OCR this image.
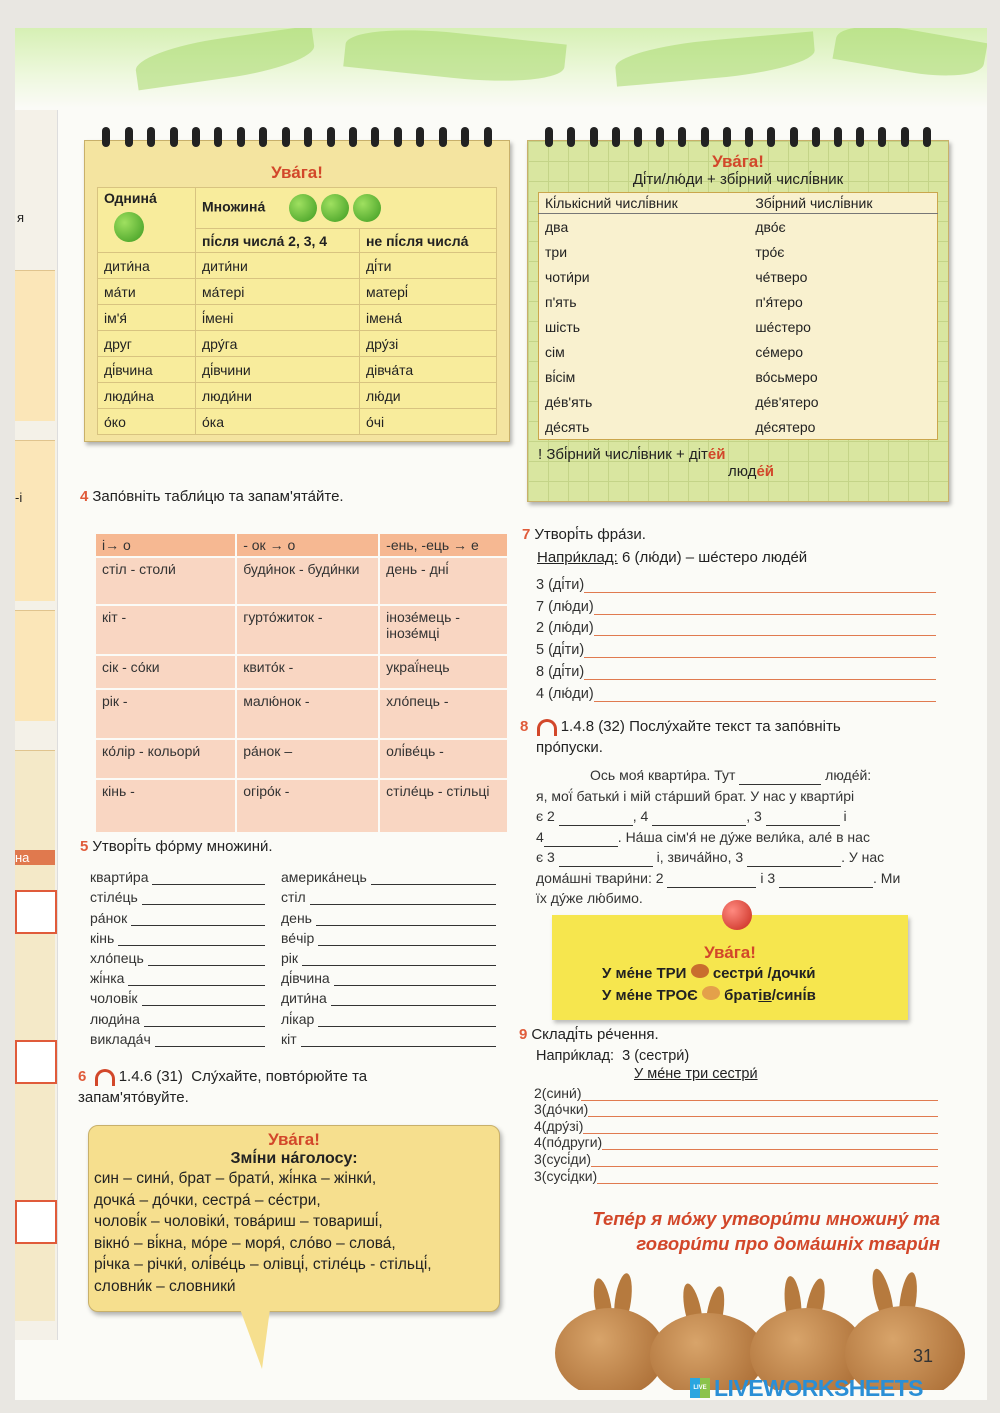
я
-і
на
Ува́га!
Однина́	Множина́	
	пі́сля числа́ 2, 3, 4	не пі́сля числа́
дити́на	дити́ни	ді́ти
ма́ти	ма́тері	матері́
ім'я́	і́мені	імена́
друг	дру́га	дру́зі
ді́вчина	ді́вчини	дівча́та
люди́на	люди́ни	лю́ди
о́ко	о́ка	о́чі
Ува́га!
Ді́ти/лю́ди + збі́рний числі́вник
Кі́лькісний числі́вник	Збі́рний числі́вник
два	дво́є
три	тро́є
чоти́ри	че́тверо
п'ять	п'я́теро
шість	ше́стеро
сім	се́меро
ві́сім	во́сьмеро
де́в'ять	де́в'ятеро
де́сять	де́сятеро
! Збі́рний числі́вник + діте́й
люде́й
4 Запо́вніть табли́цю та запам'ята́йте.
і→ о	- ок → о	-ень, -ець → е
стіл - столи́	буди́нок - буди́нки	день - дні́
кіт -	гурто́житок -	інозе́мець - інозе́мці
сік - со́ки	квито́к -	украї́нець
рік -	малю́нок -	хло́пець -
ко́лір - кольори́	ра́нок –	олі́ве́ць -
кінь -	огіро́к -	стіле́ць - стільці
5 Утворі́ть фо́рму множини́.
кварти́ра
стіле́ць
ра́нок
кінь
хло́пець
жі́нка
чолові́к
люди́на
виклада́ч
америка́нець
стіл
день
ве́чір
рік
ді́вчина
дити́на
лі́кар
кіт
6 1.4.6 (31) Слу́хайте, повто́рюйте та
запам'ято́вуйте.
Ува́га!
Змі́ни на́голосу:
син – сини́, брат – брати́, жі́нка – жінки́,
дочка́ – до́чки, сестра́ – се́стри,
чолові́к – чоловіки́, това́риш – товариші́,
вікно́ – ві́кна, мо́ре – моря́, сло́во – слова́,
рі́чка – річки́, олі́ве́ць – олівці́, стіле́ць - стільці́,
словни́к – словники́
7 Утворі́ть фра́зи.
Напри́клад: 6 (лю́ди) – ше́стеро люде́й
3 (ді́ти)
7 (лю́ди)
2 (лю́ди)
5 (ді́ти)
8 (ді́ти)
4 (лю́ди)
8 1.4.8 (32) Послу́хайте текст та запо́вніть
про́пуски.
Ось моя́ кварти́ра. Тут	люде́й:
я, мої́ батьки́ і мій ста́рший брат. У нас у кварти́рі
є 2	, 4	, 3	і
4	. На́ша сім'я́ не ду́же вели́ка, але́ в нас
є 3	і, звича́йно, 3	. У нас
дома́шні твари́ни: 2	і 3	. Ми
їх ду́же лю́бимо.
Ува́га!
У ме́не ТРИ сестри́ /дочки́
У ме́не ТРОЄ братів/сині́в
9 Складі́ть ре́чення.
Напри́клад: 3 (сестри́)
У ме́не три сестри́
2(сини́)
3(до́чки)
4(дру́зі)
4(по́други)
3(сусі́ди)
3(сусі́дки)
Тепе́р я мо́жу утвори́ти множину́ та
говори́ти про дома́шніх твари́н
31
LIVE LIVEWORKSHEETS
